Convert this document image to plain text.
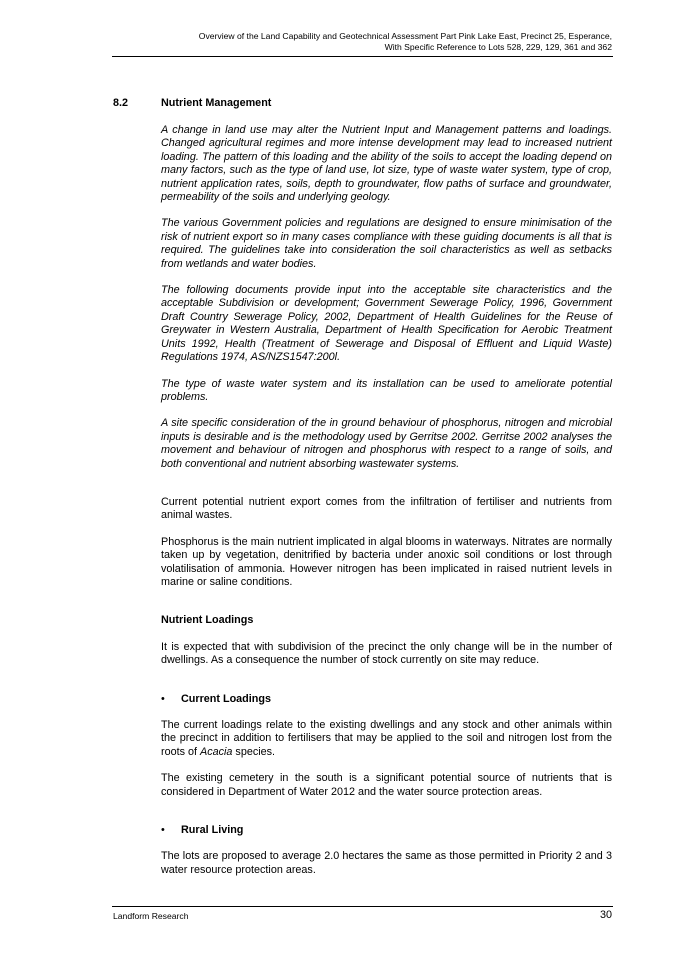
Overview of the Land Capability and Geotechnical Assessment Part Pink Lake East, Precinct 25, Esperance,
With Specific Reference to Lots 528, 229, 129, 361 and 362
8.2	Nutrient Management

A change in land use may alter the Nutrient Input and Management patterns and loadings. Changed agricultural regimes and more intense development may lead to increased nutrient loading. The pattern of this loading and the ability of the soils to accept the loading depend on many factors, such as the type of land use, lot size, type of waste water system, type of crop, nutrient application rates, soils, depth to groundwater, flow paths of surface and groundwater, permeability of the soils and underlying geology.

The various Government policies and regulations are designed to ensure minimisation of the risk of nutrient export so in many cases compliance with these guiding documents is all that is required. The guidelines take into consideration the soil characteristics as well as setbacks from wetlands and water bodies.

The following documents provide input into the acceptable site characteristics and the acceptable Subdivision or development; Government Sewerage Policy, 1996, Government Draft Country Sewerage Policy, 2002, Department of Health Guidelines for the Reuse of Greywater in Western Australia, Department of Health Specification for Aerobic Treatment Units 1992, Health (Treatment of Sewerage and Disposal of Effluent and Liquid Waste) Regulations 1974, AS/NZS1547:200l.

The type of waste water system and its installation can be used to ameliorate potential problems.

A site specific consideration of the in ground behaviour of phosphorus, nitrogen and microbial inputs is desirable and is the methodology used by Gerritse 2002. Gerritse 2002 analyses the movement and behaviour of nitrogen and phosphorus with respect to a range of soils, and both conventional and nutrient absorbing wastewater systems.

Current potential nutrient export comes from the infiltration of fertiliser and nutrients from animal wastes.

Phosphorus is the main nutrient implicated in algal blooms in waterways. Nitrates are normally taken up by vegetation, denitrified by bacteria under anoxic soil conditions or lost through volatilisation of ammonia. However nitrogen has been implicated in raised nutrient levels in marine or saline conditions.

Nutrient Loadings

It is expected that with subdivision of the precinct the only change will be in the number of dwellings. As a consequence the number of stock currently on site may reduce.

• Current Loadings

The current loadings relate to the existing dwellings and any stock and other animals within the precinct in addition to fertilisers that may be applied to the soil and nitrogen lost from the roots of Acacia species.

The existing cemetery in the south is a significant potential source of nutrients that is considered in Department of Water 2012 and the water source protection areas.

• Rural Living

The lots are proposed to average 2.0 hectares the same as those permitted in Priority 2 and 3 water resource protection areas.

Landform Research	30
